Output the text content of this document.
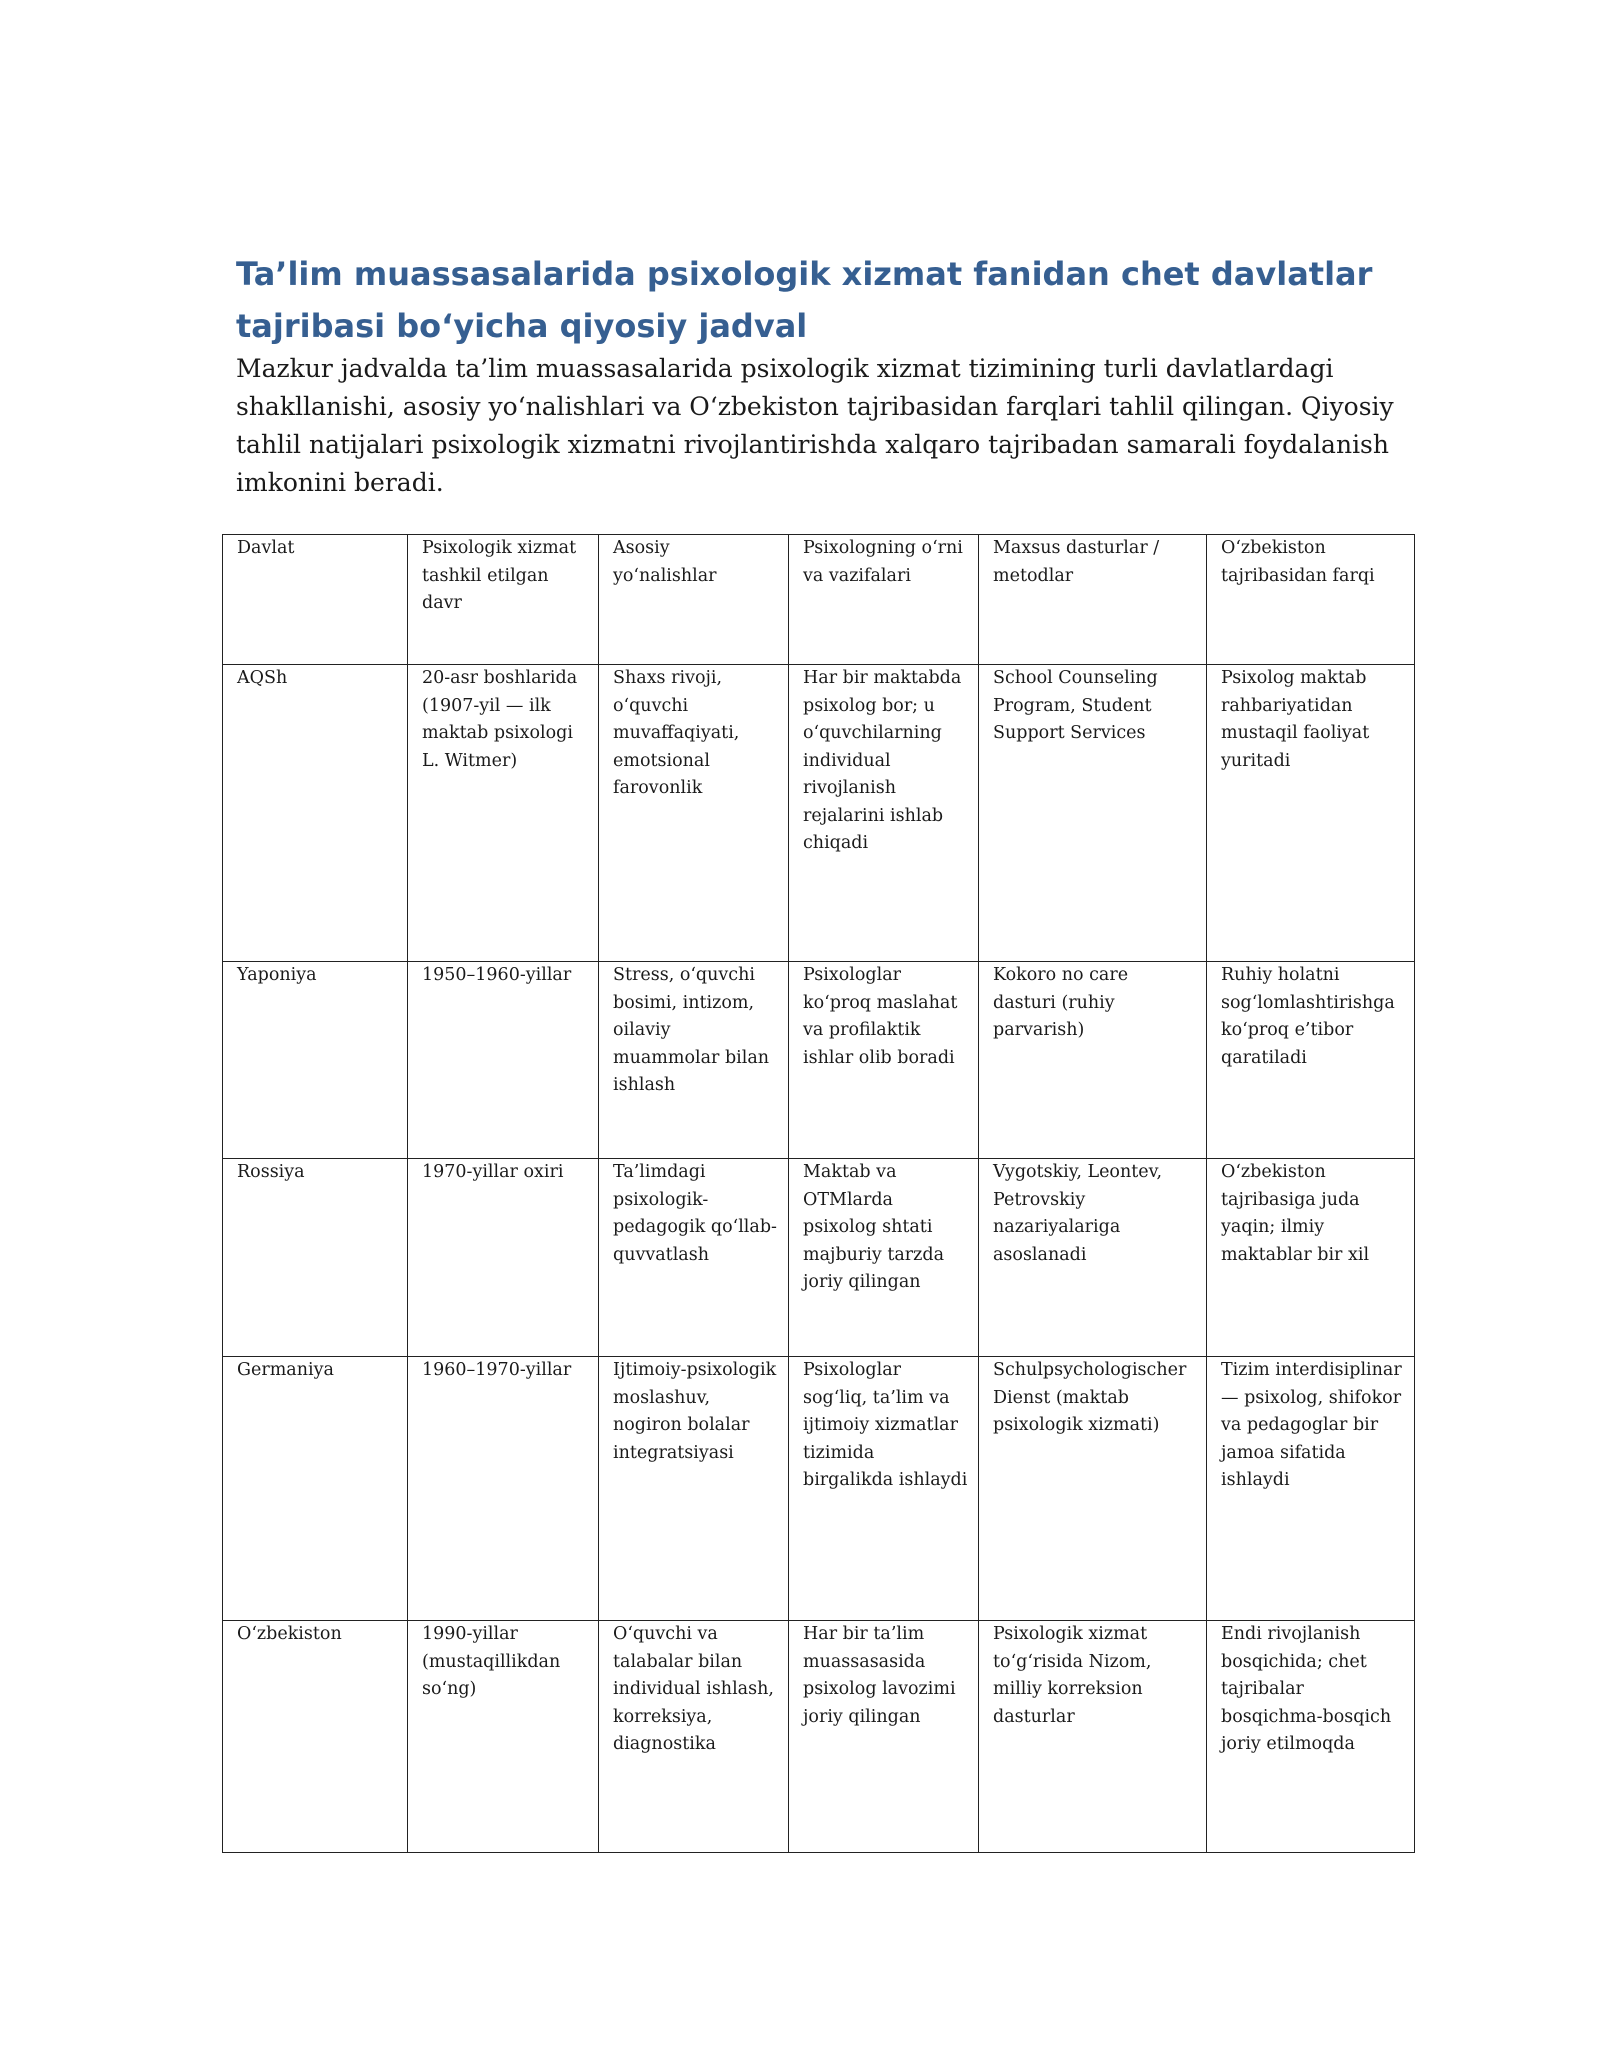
Ta’lim muassasalarida psixologik xizmat fanidan chet davlatlar tajribasi bo‘yicha qiyosiy jadval

Mazkur jadvalda ta’lim muassasalarida psixologik xizmat tizimining turli davlatlardagi shakllanishi, asosiy yo‘nalishlari va O‘zbekiston tajribasidan farqlari tahlil qilingan. Qiyosiy tahlil natijalari psixologik xizmatni rivojlantirishda xalqaro tajribadan samarali foydalanish imkonini beradi.

Davlat	Psixologik xizmat tashkil etilgan davr	Asosiy yo‘nalishlar	Psixologning o‘rni va vazifalari	Maxsus dasturlar / metodlar	O‘zbekiston tajribasidan farqi
AQSh	20-asr boshlarida (1907-yil — ilk maktab psixologi L. Witmer)	Shaxs rivoji, o‘quvchi muvaffaqiyati, emotsional farovonlik	Har bir maktabda psixolog bor; u o‘quvchilarning individual rivojlanish rejalarini ishlab chiqadi	School Counseling Program, Student Support Services	Psixolog maktab rahbariyatidan mustaqil faoliyat yuritadi
Yaponiya	1950–1960-yillar	Stress, o‘quvchi bosimi, intizom, oilaviy muammolar bilan ishlash	Psixologlar ko‘proq maslahat va profilaktik ishlar olib boradi	Kokoro no care dasturi (ruhiy parvarish)	Ruhiy holatni sog‘lomlashtirishga ko‘proq e’tibor qaratiladi
Rossiya	1970-yillar oxiri	Ta’limdagi psixologik-pedagogik qo‘llab-quvvatlash	Maktab va OTMlarda psixolog shtati majburiy tarzda joriy qilingan	Vygotskiy, Leontev, Petrovskiy nazariyalariga asoslanadi	O‘zbekiston tajribasiga juda yaqin; ilmiy maktablar bir xil
Germaniya	1960–1970-yillar	Ijtimoiy-psixologik moslashuv, nogiron bolalar integratsiyasi	Psixologlar sog‘liq, ta’lim va ijtimoiy xizmatlar tizimida birgalikda ishlaydi	Schulpsychologischer Dienst (maktab psixologik xizmati)	Tizim interdisiplinar — psixolog, shifokor va pedagoglar bir jamoa sifatida ishlaydi
O‘zbekiston	1990-yillar (mustaqillikdan so‘ng)	O‘quvchi va talabalar bilan individual ishlash, korreksiya, diagnostika	Har bir ta’lim muassasasida psixolog lavozimi joriy qilingan	Psixologik xizmat to‘g‘risida Nizom, milliy korreksion dasturlar	Endi rivojlanish bosqichida; chet tajribalar bosqichma-bosqich joriy etilmoqda
